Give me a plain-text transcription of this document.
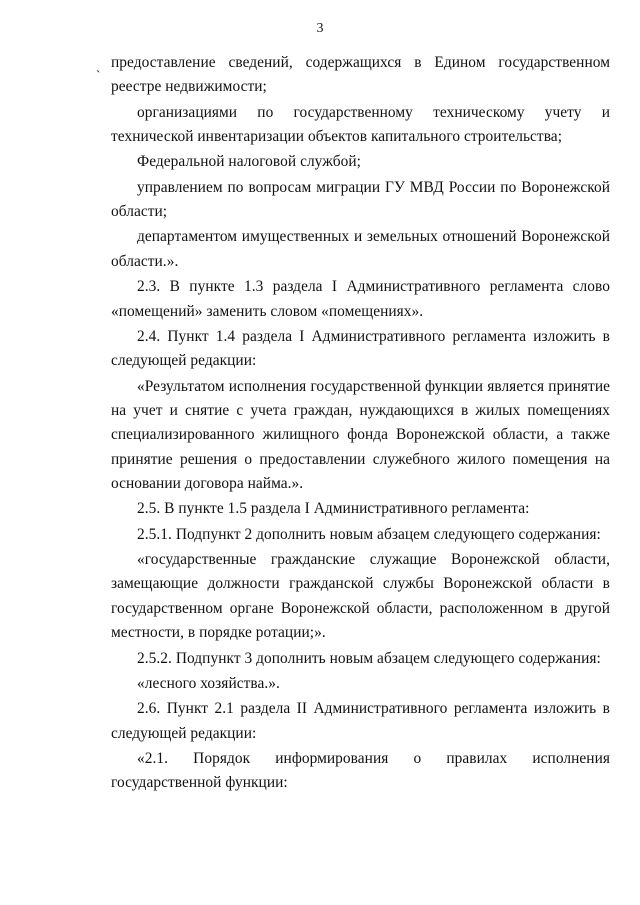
3
ˎ предоставление сведений, содержащихся в Едином государственном реестре недвижимости;

организациями по государственному техническому учету и технической инвентаризации объектов капитального строительства;

Федеральной налоговой службой;

управлением по вопросам миграции ГУ МВД России по Воронежской области;

департаментом имущественных и земельных отношений Воронежской области.».

2.3. В пункте 1.3 раздела I Административного регламента слово «помещений» заменить словом «помещениях».

2.4. Пункт 1.4 раздела I Административного регламента изложить в следующей редакции:

«Результатом исполнения государственной функции является принятие на учет и снятие с учета граждан, нуждающихся в жилых помещениях специализированного жилищного фонда Воронежской области, а также принятие решения о предоставлении служебного жилого помещения на основании договора найма.».

2.5. В пункте 1.5 раздела I Административного регламента:

2.5.1. Подпункт 2 дополнить новым абзацем следующего содержания:

«государственные гражданские служащие Воронежской области, замещающие должности гражданской службы Воронежской области в государственном органе Воронежской области, расположенном в другой местности, в порядке ротации;».

2.5.2. Подпункт 3 дополнить новым абзацем следующего содержания:

«лесного хозяйства.».

2.6. Пункт 2.1 раздела II Административного регламента изложить в следующей редакции:

«2.1. Порядок информирования о правилах исполнения государственной функции:
